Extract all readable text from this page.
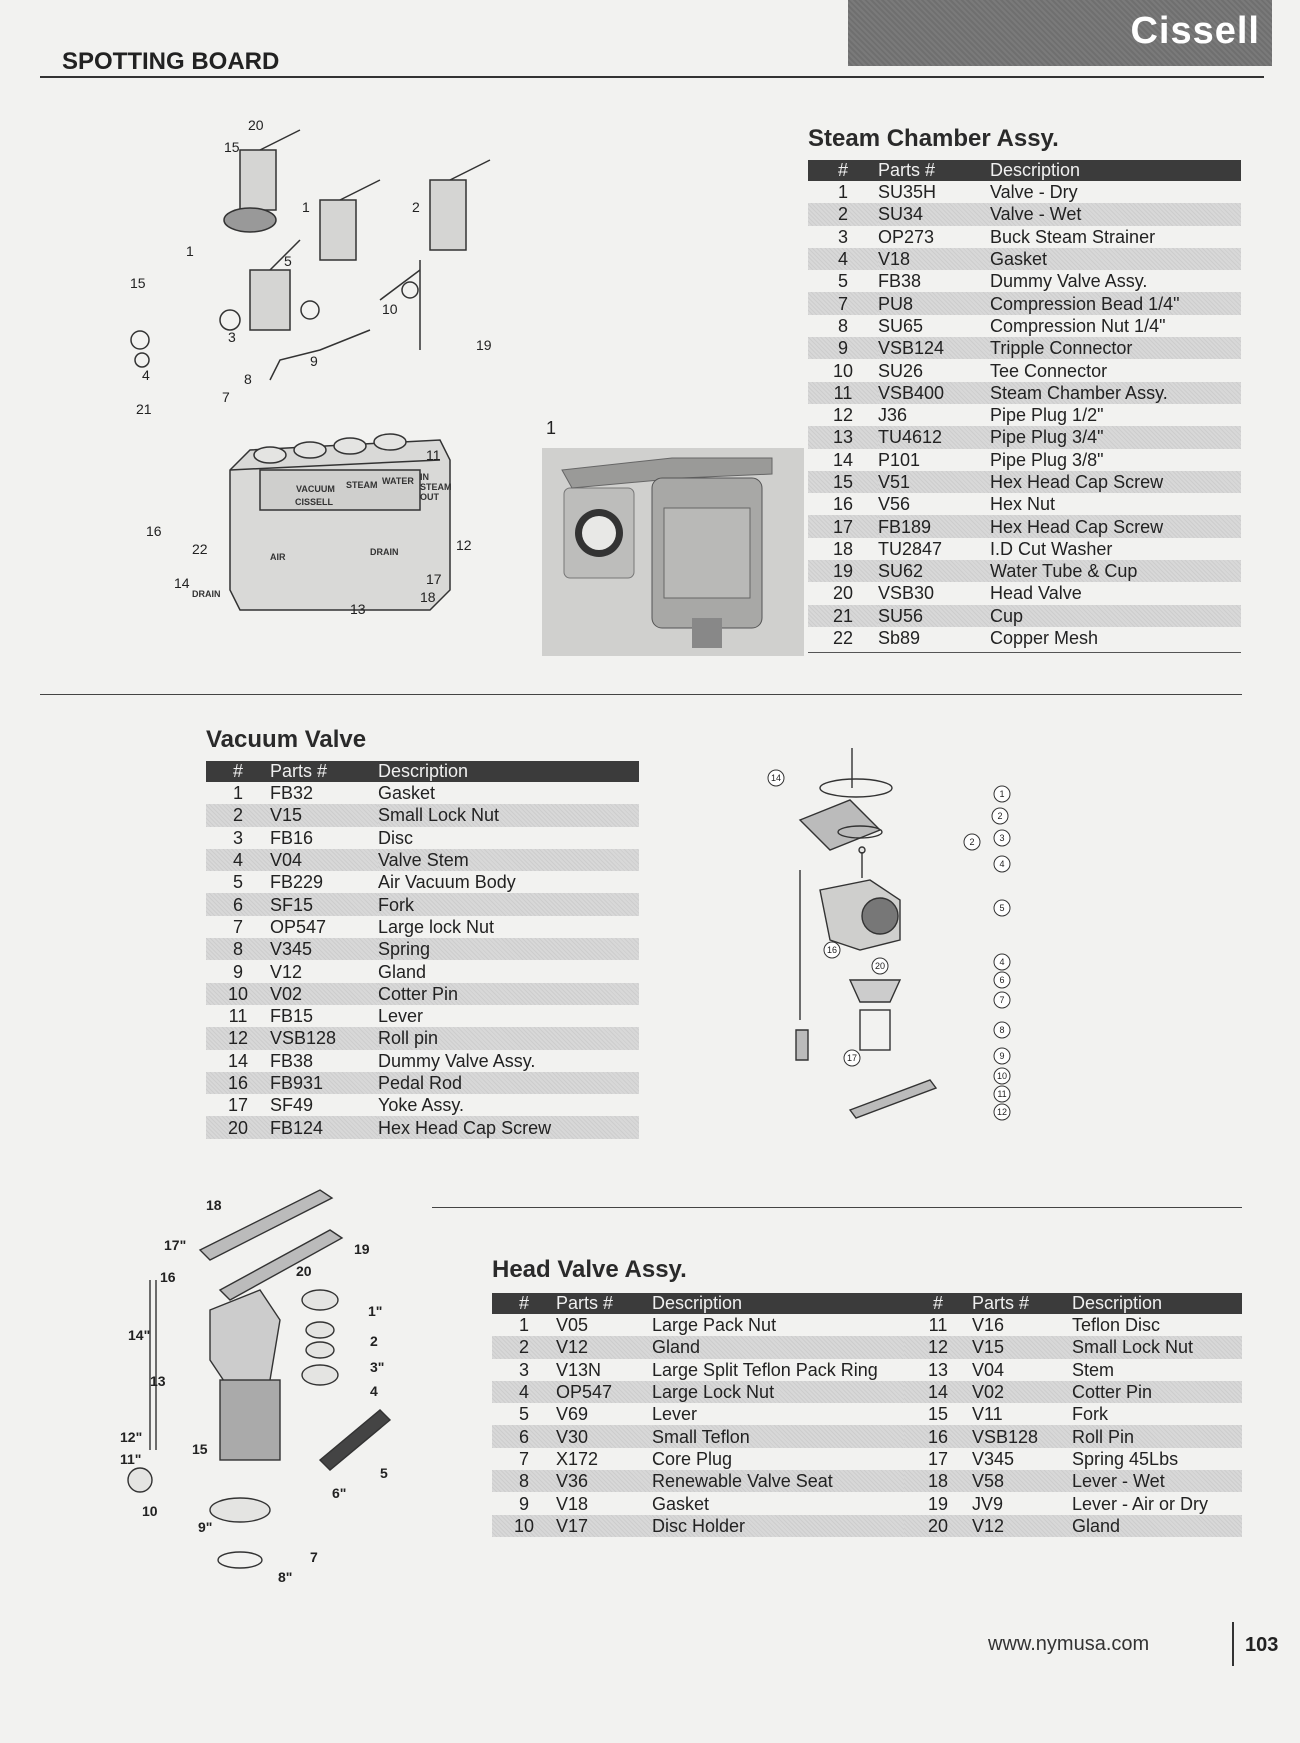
Cissell
SPOTTING BOARD
20
15
1	2
5
1
15
10
3	19
9
4	8
7
21
11
16
22	12
14	17
18
13
CISSELL
VACUUM STEAM WATER
AIR	DRAIN
IN
STEAM
OUT
DRAIN
1
Steam Chamber Assy.
#	Parts #	Description
1	SU35H	Valve - Dry
2	SU34	Valve - Wet
3	OP273	Buck Steam Strainer
4	V18	Gasket
5	FB38	Dummy Valve Assy.
7	PU8	Compression Bead 1/4"
8	SU65	Compression Nut 1/4"
9	VSB124	Tripple Connector
10	SU26	Tee Connector
11	VSB400	Steam Chamber Assy.
12	J36	Pipe Plug 1/2"
13	TU4612	Pipe Plug 3/4"
14	P101	Pipe Plug 3/8"
15	V51	Hex Head Cap Screw
16	V56	Hex Nut
17	FB189	Hex Head Cap Screw
18	TU2847	I.D Cut Washer
19	SU62	Water Tube & Cup
20	VSB30	Head Valve
21	SU56	Cup
22	Sb89	Copper Mesh
Vacuum Valve
#	Parts #	Description
1	FB32	Gasket
2	V15	Small Lock Nut
3	FB16	Disc
4	V04	Valve Stem
5	FB229	Air Vacuum Body
6	SF15	Fork
7	OP547	Large lock Nut
8	V345	Spring
9	V12	Gland
10	V02	Cotter Pin
11	FB15	Lever
12	VSB128	Roll pin
14	FB38	Dummy Valve Assy.
16	FB931	Pedal Rod
17	SF49	Yoke Assy.
20	FB124	Hex Head Cap Screw
14
1
2
3
2
4
5
16
20	4
6
7
8
17	9
10
11
12
18
17"	19
16	20
14"
1"
2
3"
13
4
12"
15
11"
5
10
6"
9"
7
8"
Head Valve Assy.
#	Parts #	Description	#	Parts #	Description
1	V05	Large Pack Nut	11	V16	Teflon Disc
2	V12	Gland	12	V15	Small Lock Nut
3	V13N	Large Split Teflon Pack Ring	13	V04	Stem
4	OP547	Large Lock Nut	14	V02	Cotter Pin
5	V69	Lever	15	V11	Fork
6	V30	Small Teflon	16	VSB128	Roll Pin
7	X172	Core Plug	17	V345	Spring 45Lbs
8	V36	Renewable Valve Seat	18	V58	Lever - Wet
9	V18	Gasket	19	JV9	Lever - Air or Dry
10	V17	Disc Holder	20	V12	Gland
www.nymusa.com	103
